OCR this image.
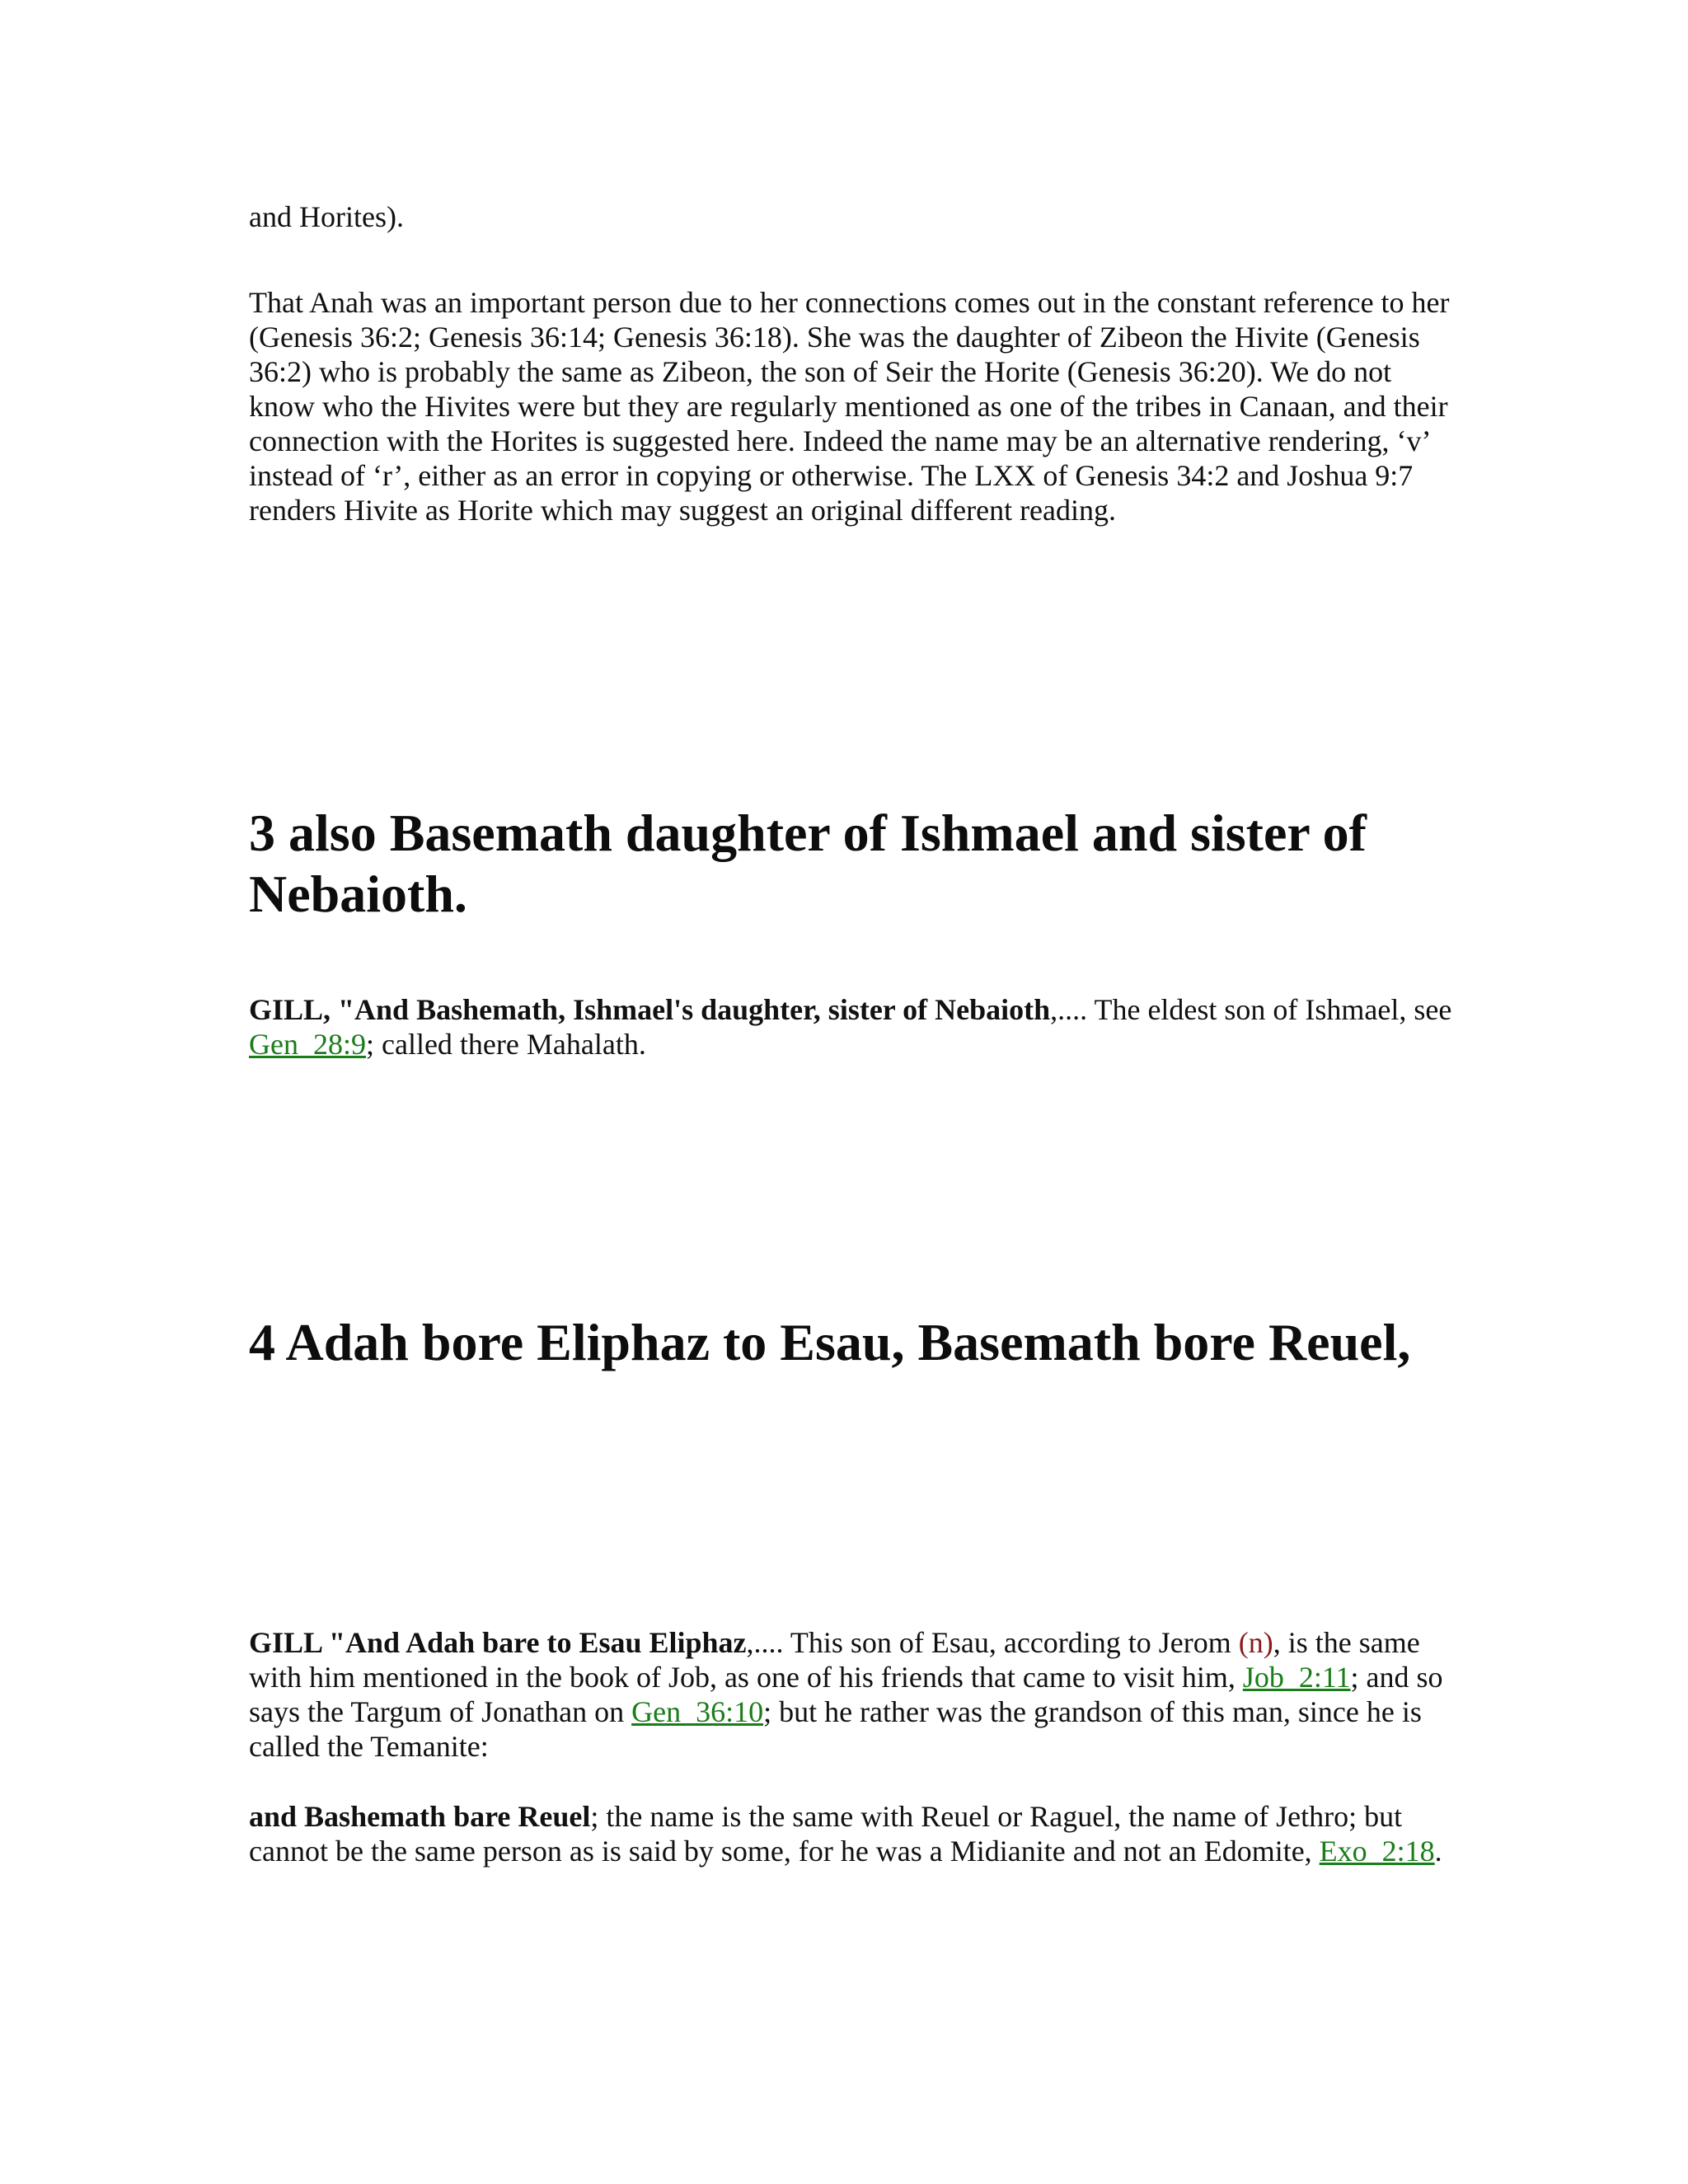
and Horites).

That Anah was an important person due to her connections comes out in the constant reference to her (Genesis 36:2; Genesis 36:14; Genesis 36:18). She was the daughter of Zibeon the Hivite (Genesis 36:2) who is probably the same as Zibeon, the son of Seir the Horite (Genesis 36:20). We do not know who the Hivites were but they are regularly mentioned as one of the tribes in Canaan, and their connection with the Horites is suggested here. Indeed the name may be an alternative rendering, ‘v’ instead of ‘r’, either as an error in copying or otherwise. The LXX of Genesis 34:2 and Joshua 9:7 renders Hivite as Horite which may suggest an original different reading.

3 also Basemath daughter of Ishmael and sister of Nebaioth.

GILL, "And Bashemath, Ishmael's daughter, sister of Nebaioth,.... The eldest son of Ishmael, see Gen_28:9; called there Mahalath.

4 Adah bore Eliphaz to Esau, Basemath bore Reuel,

GILL "And Adah bare to Esau Eliphaz,.... This son of Esau, according to Jerom (n), is the same with him mentioned in the book of Job, as one of his friends that came to visit him, Job_2:11; and so says the Targum of Jonathan on Gen_36:10; but he rather was the grandson of this man, since he is called the Temanite:

and Bashemath bare Reuel; the name is the same with Reuel or Raguel, the name of Jethro; but cannot be the same person as is said by some, for he was a Midianite and not an Edomite, Exo_2:18.
